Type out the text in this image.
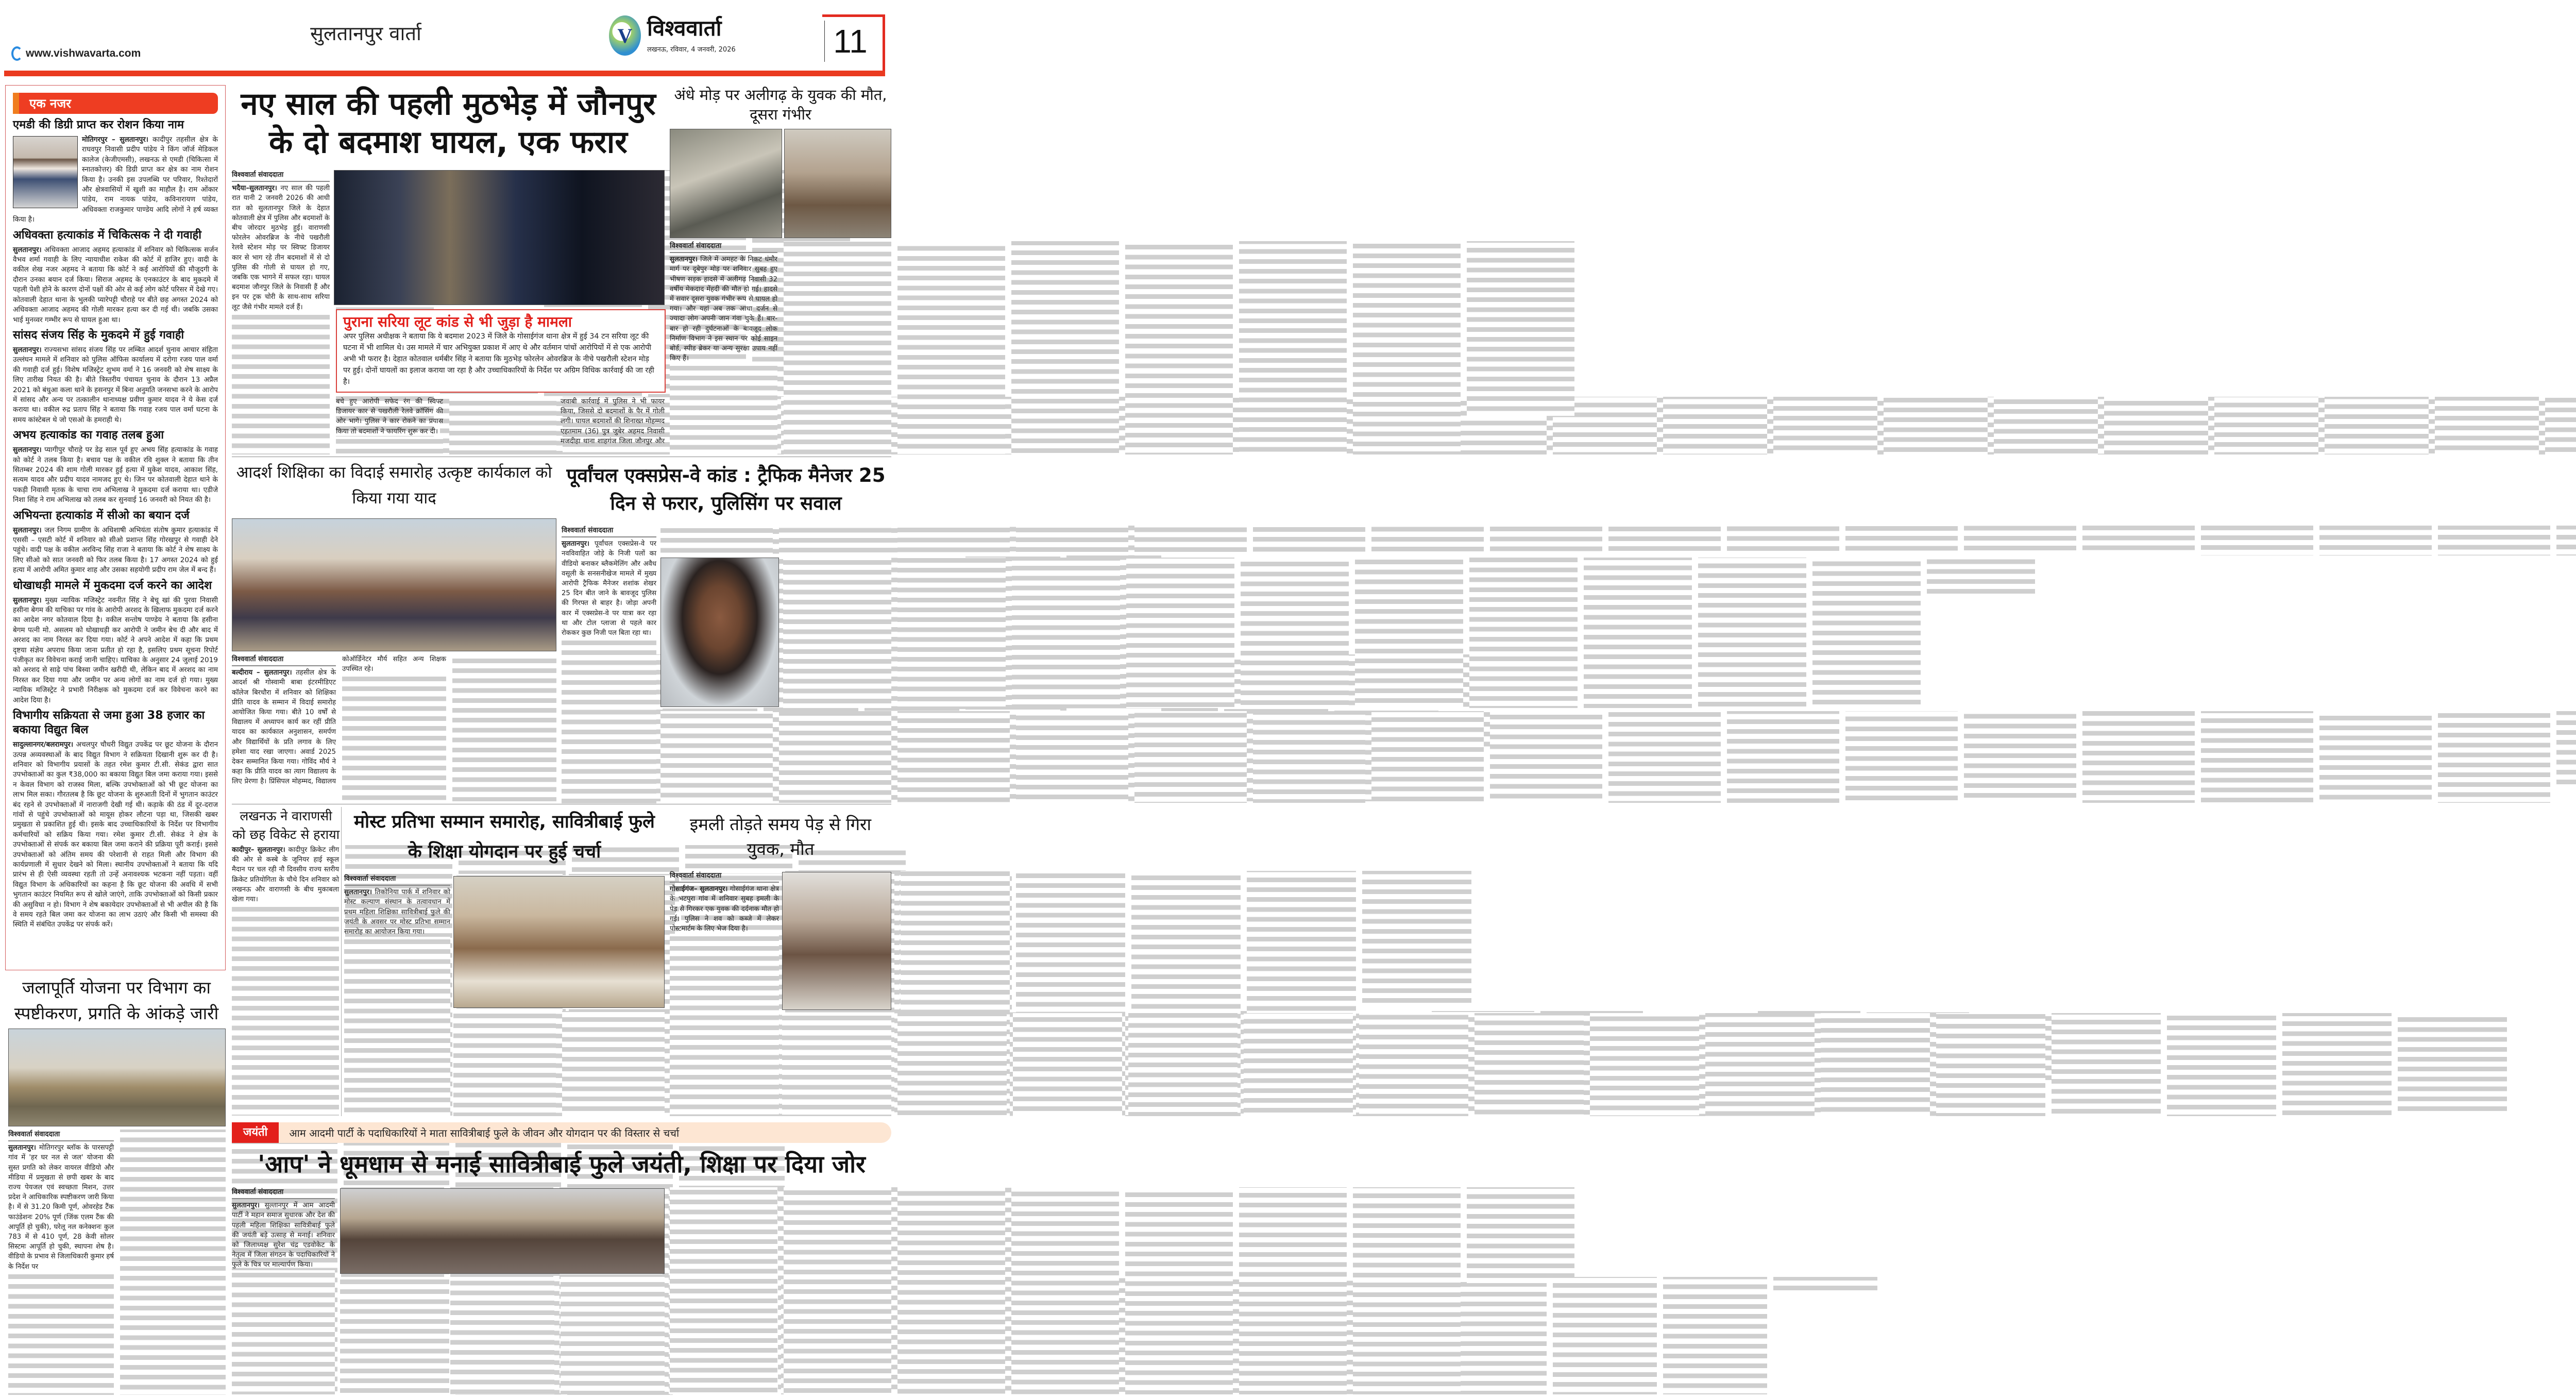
www.vishwavarta.com
सुलतानपुर वार्ता	V विश्ववार्ता
लखनऊ, रविवार, 4 जनवरी, 2026	11
एक नजर
एमडी की डिग्री प्राप्त कर रोशन किया नाम

मोतिगरपुर – सुलतानपुर। कादीपुर तहसील क्षेत्र के राघवपुर निवासी प्रदीप पांडेय ने किंग जॉर्ज मेडिकल कालेज (केजीएमसी), लखनऊ से एमडी (चिकित्सा में स्नातकोत्तर) की डिग्री प्राप्त कर क्षेत्र का नाम रोशन किया है। उनकी इस उपलब्धि पर परिवार, रिश्तेदारों और क्षेत्रवासियों में खुशी का माहौल है। राम ओंकार पांडेय, राम नायक पांडेय, कविनारायण पांडेय, अधिवक्ता राजकुमार पाण्डेय आदि लोगों ने हर्ष व्यक्त किया है।

अधिवक्ता हत्याकांड में चिकित्सक ने दी गवाही

सुलतानपुर। अधिवक्ता आजाद अहमद हत्याकांड में शनिवार को चिकित्सक सर्जन वैभव शर्मा गवाही के लिए न्यायाधीश राकेश की कोर्ट में हाजिर हुए। वादी के वकील शेख नजर अहमद ने बताया कि कोर्ट ने कई आरोपियों की मौजूदगी के दौरान उनका बयान दर्ज किया। सिराज अहमद के एनकाउंटर के बाद मुकदमे में पहली पेशी होने के कारण दोनों पक्षों की ओर से कई लोग कोर्ट परिसर में देखे गए। कोतवाली देहात थाना के भुलकी प्यारेपट्टी चौराहे पर बीते छह अगस्त 2024 को अधिवक्ता आजाद अहमद की गोली मारकर हत्या कर दी गई थी। जबकि उसका भाई मुनव्वर गम्भीर रूप से घायल हुआ था।

सांसद संजय सिंह के मुकदमे में हुई गवाही

सुलतानपुर। राज्यसभा सांसद संजय सिंह पर लम्बित आदर्श चुनाव आचार संहिता उल्लंघन मामले में शनिवार को पुलिस ऑफिस कार्यालय में दरोगा रजय पाल वर्मा की गवाही दर्ज हुई। विशेष मजिस्ट्रेट शुभम वर्मा ने 16 जनवरी को शेष साक्ष्य के लिए तारीख नियत की है। बीते त्रिस्तरीय पंचायत चुनाव के दौरान 13 अप्रैल 2021 को बंधुआ कला थाने के हसनपुर में बिना अनुमति जनसभा करने के आरोप में सांसद और अन्य पर तत्कालीन थानाध्यक्ष प्रवीण कुमार यादव ने ये केस दर्ज कराया था। वकील रुद्र प्रताप सिंह ने बताया कि गवाह रजय पाल वर्मा घटना के समय कांस्टेबल थे जो एसओ के हमराही थे।

अभय हत्याकांड का गवाह तलब हुआ

सुलतानपुर। प्यागीपुर चौराहे पर डेढ़ साल पूर्व हुए अभय सिंह हत्याकांड के गवाह को कोर्ट ने तलब किया है। बचाव पक्ष के वकील रवि शुक्ल ने बताया कि तीन सितम्बर 2024 की शाम गोली मारकर हुई हत्या में मुकेश यादव, आकाश सिंह, सत्यम यादव और प्रदीप यादव नामजद हुए थे। जिन पर कोतवाली देहात थाने के पकड़ी निवासी मृतक के चाचा राम अभिलाख ने मुकदमा दर्ज कराया था। एडीजे निशा सिंह ने राम अभिलाख को तलब कर सुनवाई 16 जनवरी को नियत की है।

अभियन्ता हत्याकांड में सीओ का बयान दर्ज

सुलतानपुर। जल निगम ग्रामीण के अधिशाषी अभियंता संतोष कुमार हत्याकांड में एससी – एसटी कोर्ट में शनिवार को सीओ प्रशान्त सिंह गोरखपुर से गवाही देने पहुंचे। वादी पक्ष के वकील अरविन्द सिंह राजा ने बताया कि कोर्ट ने शेष साक्ष्य के लिए सीओ को सात जनवरी को फिर तलब किया है। 17 अगस्त 2024 को हुई हत्या में आरोपी अमित कुमार शाह और उसका सहयोगी प्रदीप राम जेल में बन्द हैं।

धोखाधड़ी मामले में मुकदमा दर्ज करने का आदेश

सुलतानपुर। मुख्य न्यायिक मजिस्ट्रेट नवनीत सिंह ने बेचू खां की पुरवा निवासी हसीना बेगम की याचिका पर गांव के आरोपी अरशद के खिलाफ मुकदमा दर्ज करने का आदेश नगर कोतवाल दिया है। वकील सन्तोष पाण्डेय ने बताया कि हसीना बेगम पत्नी मो. असलम को धोखाधड़ी कर आरोपी ने जमीन बेच दी और बाद में अरशद का नाम निरस्त कर दिया गया। कोर्ट ने अपने आदेश में कहा कि प्रथम दृष्टया संज्ञेय अपराध किया जाना प्रतीत हो रहा है, इसलिए प्रथम सूचना रिपोर्ट पंजीकृत कर विवेचना कराई जानी चाहिए। याचिका के अनुसार 24 जुलाई 2019 को अरशद से साढ़े पांच बिस्वा जमीन खरीदी थी, लेकिन बाद में अरशद का नाम निरस्त कर दिया गया और जमीन पर अन्य लोगों का नाम दर्ज हो गया। मुख्य न्यायिक मजिस्ट्रेट ने प्रभारी निरीक्षक को मुकदमा दर्ज कर विवेचना करने का आदेश दिया है।

विभागीय सक्रियता से जमा हुआ 38 हजार का बकाया विद्युत बिल

सादुल्लानगर/बलरामपुर। अचलपुर चौधरी विद्युत उपकेंद्र पर छूट योजना के दौरान उत्पन्न अव्यवस्थाओं के बाद विद्युत विभाग ने सक्रियता दिखानी शुरू कर दी है। शनिवार को विभागीय प्रयासों के तहत रमेश कुमार टी.सी. सेकंड द्वारा सात उपभोक्ताओं का कुल ₹38,000 का बकाया विद्युत बिल जमा कराया गया। इससे न केवल विभाग को राजस्व मिला, बल्कि उपभोक्ताओं को भी छूट योजना का लाभ मिल सका। गौरतलब है कि छूट योजना के शुरुआती दिनों में भुगतान काउंटर बंद रहने से उपभोक्ताओं में नाराजगी देखी गई थी। कड़ाके की ठंड में दूर-दराज गांवों से पहुंचे उपभोक्ताओं को मायूस होकर लौटना पड़ा था, जिसकी खबर प्रमुखता से प्रकाशित हुई थी। इसके बाद उच्चाधिकारियों के निर्देश पर विभागीय कर्मचारियों को सक्रिय किया गया। रमेश कुमार टी.सी. सेकंड ने क्षेत्र के उपभोक्ताओं से संपर्क कर बकाया बिल जमा कराने की प्रक्रिया पूरी कराई। इससे उपभोक्ताओं को अंतिम समय की परेशानी से राहत मिली और विभाग की कार्यप्रणाली में सुधार देखने को मिला। स्थानीय उपभोक्ताओं ने बताया कि यदि प्रारंभ से ही ऐसी व्यवस्था रहती तो उन्हें अनावश्यक भटकना नहीं पड़ता। वहीं विद्युत विभाग के अधिकारियों का कहना है कि छूट योजना की अवधि में सभी भुगतान काउंटर नियमित रूप से खोले जाएंगे, ताकि उपभोक्ताओं को किसी प्रकार की असुविधा न हो। विभाग ने शेष बकायेदार उपभोक्ताओं से भी अपील की है कि वे समय रहते बिल जमा कर योजना का लाभ उठाएं और किसी भी समस्या की स्थिति में संबंधित उपकेंद्र पर संपर्क करें।

नए साल की पहली मुठभेड़ में जौनपुर के दो बदमाश घायल, एक फरार
विश्ववार्ता संवाददाता
भदैया–सुलतानपुर। नए साल की पहली रात यानी 2 जनवरी 2026 की आधी रात को सुलतानपुर जिले के देहात कोतवाली क्षेत्र में पुलिस और बदमाशों के बीच जोरदार मुठभेड़ हुई। वाराणसी फोरलेन ओवरब्रिज के नीचे पखरौली रेलवे स्टेशन मोड़ पर स्विफ्ट डिजायर कार से भाग रहे तीन बदमाशों में से दो पुलिस की गोली से घायल हो गए, जबकि एक भागने में सफल रहा। घायल बदमाश जौनपुर जिले के निवासी हैं और इन पर ट्रक चोरी के साथ-साथ सरिया लूट जैसे गंभीर मामले दर्ज हैं।
पुराना सरिया लूट कांड से भी जुड़ा है मामला

अपर पुलिस अधीक्षक ने बताया कि ये बदमाश 2023 में जिले के गोसाईगंज थाना क्षेत्र में हुई 34 टन सरिया लूट की घटना में भी शामिल थे। उस मामले में चार अभियुक्त प्रकाश में आए थे और वर्तमान पांचों आरोपियों में से एक आरोपी अभी भी फरार है। देहात कोतवाल धर्मबीर सिंह ने बताया कि मुठभेड़ फोरलेन ओवरब्रिज के नीचे पखरौली स्टेशन मोड़ पर हुई। दोनों घायलों का इलाज कराया जा रहा है और उच्चाधिकारियों के निर्देश पर अग्रिम विधिक कार्रवाई की जा रही है।

बचे हुए आरोपी सफेद रंग की स्विफ्ट डिजायर कार से पखरौली रेलवे क्रॉसिंग की ओर भागे। पुलिस ने कार रोकने का प्रयास किया तो बदमाशों ने फायरिंग शुरू कर दी।
जवाबी कार्रवाई में पुलिस ने भी फायर किया, जिससे दो बदमाशों के पैर में गोली लगी। घायल बदमाशों की शिनाख्त मोहम्मद एहतमाम (36) पुत्र जुबेर अहमद निवासी मजदीहा थाना शाहगंज जिला जौनपुर और
अंधे मोड़ पर अलीगढ़ के युवक की मौत, दूसरा गंभीर
विश्ववार्ता संवाददाता
सुलतानपुर। जिले में अमहट के निकट धंमौर मार्ग पर दूबेपुर मोड़ पर शनिवार सुबह हुए भीषण सड़क हादसे में अलीगढ़ निवासी 32 वर्षीय मेकदाद मेंहदी की मौत हो गई। हादसे में सवार दूसरा युवक गंभीर रूप से घायल हो गया। और यहां अब तक आधा दर्जन से ज्यादा लोग अपनी जान गंवा चुके हैं। बार-बार हो रही दुर्घटनाओं के बावजूद लोक निर्माण विभाग ने इस स्थान पर कोई साइन बोर्ड, स्पीड ब्रेकर या अन्य सुरक्षा उपाय नहीं किए हैं।
आदर्श शिक्षिका का विदाई समारोह उत्कृष्ट कार्यकाल को किया गया याद
विश्ववार्ता संवाददाता
बल्दीराय – सुलतानपुर। तहसील क्षेत्र के आदर्श श्री गोस्वामी बाबा इंटरमीडिएट कॉलेज बिरधौरा में शनिवार को शिक्षिका प्रीति यादव के सम्मान में विदाई समारोह आयोजित किया गया। बीते 10 वर्षों से विद्यालय में अध्यापन कार्य कर रहीं प्रीति यादव का कार्यकाल अनुशासन, समर्पण और विद्यार्थियों के प्रति लगाव के लिए हमेशा याद रखा जाएगा। अवार्ड 2025 देकर सम्मानित किया गया। गोविंद मौर्य ने कहा कि प्रीति यादव का त्याग विद्यालय के लिए प्रेरणा है। प्रिंसिपल मोहम्मद, विद्यालय कोऑर्डिनेटर मौर्य सहित अन्य शिक्षक उपस्थित रहे।
पूर्वांचल एक्सप्रेस-वे कांड : ट्रैफिक मैनेजर 25 दिन से फरार, पुलिसिंग पर सवाल
विश्ववार्ता संवाददाता
सुलतानपुर। पूर्वांचल एक्सप्रेस-वे पर नवविवाहित जोड़े के निजी पलों का वीडियो बनाकर ब्लैकमेलिंग और अवैध वसूली के सनसनीखेज मामले में मुख्य आरोपी ट्रैफिक मैनेजर शशांक शेखर 25 दिन बीत जाने के बावजूद पुलिस की गिरफ्त से बाहर है। जोड़ा अपनी कार में एक्सप्रेस-वे पर यात्रा कर रहा था और टोल प्लाजा से पहले कार रोककर कुछ निजी पल बिता रहा था।
लखनऊ ने वाराणसी को छह विकेट से हराया
कादीपुर– सुलतानपुर। कादीपुर क्रिकेट लीग की ओर से कस्बे के जूनियर हाई स्कूल मैदान पर चल रही नौ दिवसीय राज्य स्तरीय क्रिकेट प्रतियोगिता के चौथे दिन शनिवार को लखनऊ और वाराणसी के बीच मुकाबला खेला गया।
मोस्ट प्रतिभा सम्मान समारोह, सावित्रीबाई फुले के शिक्षा योगदान पर हुई चर्चा
विश्ववार्ता संवाददाता
सुलतानपुर। तिकोनिया पार्क में शनिवार को मोस्ट कल्याण संस्थान के तत्वावधान में प्रथम महिला शिक्षिका सावित्रीबाई फुले की जयंती के अवसर पर मोस्ट प्रतिभा सम्मान समारोह का आयोजन किया गया।
इमली तोड़ते समय पेड़ से गिरा युवक, मौत
विश्ववार्ता संवाददाता
गोसाईगंज– सुलतानपुर। गोसाईगंज थाना क्षेत्र के भटपुरा गांव में शनिवार सुबह इमली के पेड़ से गिरकर एक युवक की दर्दनाक मौत हो गई। पुलिस ने शव को कब्जे में लेकर पोस्टमार्टम के लिए भेज दिया है।
जलापूर्ति योजना पर विभाग का स्पष्टीकरण, प्रगति के आंकड़े जारी
विश्ववार्ता संवाददाता
सुलतानपुर। मोतिगरपुर ब्लॉक के पारसपट्टी गांव में 'हर घर नल से जल' योजना की सुस्त प्रगति को लेकर वायरल वीडियो और मीडिया में प्रमुखता से छपी खबर के बाद राज्य पेयजल एवं स्वच्छता मिशन, उत्तर प्रदेश ने आधिकारिक स्पष्टीकरण जारी किया है। में से 31.20 किमी पूर्ण, ओवरहेड टैंक फाउंडेशनः 20% पूर्ण (जिंक एलम टैंक की आपूर्ति हो चुकी), घरेलू नल कनेक्शनः कुल 783 में से 410 पूर्ण, 28 केवी सोलर सिस्टमः आपूर्ति हो चुकी, स्थापना शेष है। वीडियो के प्रभाव से जिलाधिकारी कुमार हर्ष के निर्देश पर
जयंती	आम आदमी पार्टी के पदाधिकारियों ने माता सावित्रीबाई फुले के जीवन और योगदान पर की विस्तार से चर्चा
'आप' ने धूमधाम से मनाई सावित्रीबाई फुले जयंती, शिक्षा पर दिया जोर
विश्ववार्ता संवाददाता
सुलतानपुर। सुल्तानपुर में आम आदमी पार्टी ने महान समाज सुधारक और देश की पहली महिला शिक्षिका सावित्रीबाई फुले की जयंती बड़े उत्साह से मनाई। शनिवार को जिलाध्यक्ष सुरेश चंद्र एडवोकेट के नेतृत्व में जिला संगठन के पदाधिकारियों ने फुले के चित्र पर माल्यार्पण किया।
